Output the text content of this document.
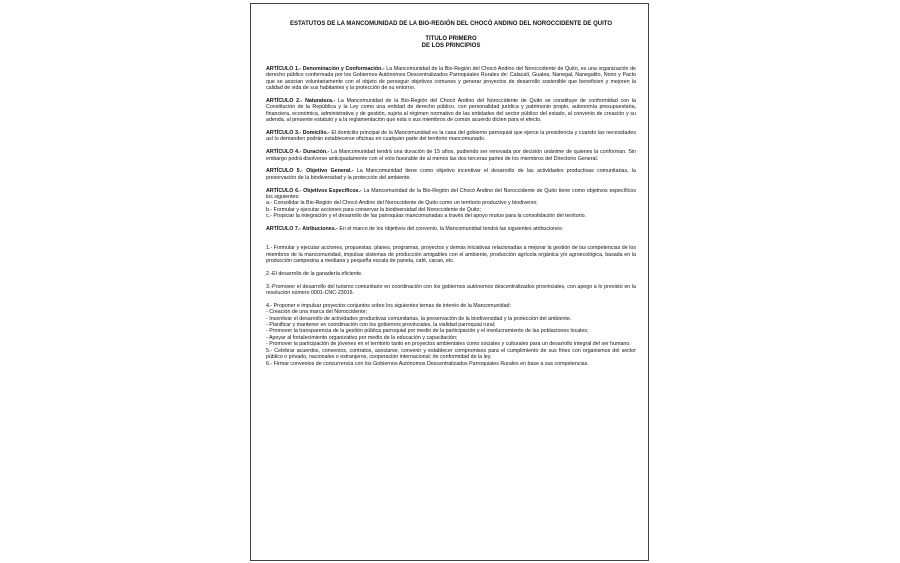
ESTATUTOS DE LA MANCOMUNIDAD DE LA BIO-REGIÓN DEL CHOCÓ ANDINO DEL NOROCCIDENTE DE QUITO
TITULO PRIMERO
DE LOS PRINCIPIOS
ARTÍCULO 1.- Denominación y Conformación.- La Mancomunidad de la Bio-Región del Chocó Andino del Noroccidente de Quito, es una organización de derecho público conformada por los Gobiernos Autónomos Descentralizados Parroquiales Rurales de: Calacalí, Gualea, Nanegal, Nanegalito, Nono y Pacto que se asocian voluntariamente con el objeto de perseguir objetivos comunes y generar proyectos de desarrollo sostenible que beneficien y mejoren la calidad de vida de sus habitantes y la protección de su entorno.
ARTÍCULO 2.- Naturaleza.- La Mancomunidad de la Bio-Región del Chocó Andino del Noroccidente de Quito se constituye de conformidad con la Constitución de la República y la Ley como una entidad de derecho público, con personalidad jurídica y patrimonio propio, autonomía presupuestaria, financiera, económica, administrativa y de gestión, sujeta al régimen normativo de las entidades del sector público del estado, al convenio de creación y su adenda, al presente estatuto y a la reglamentación que esta o sus miembros de común acuerdo dicten para el efecto.
ARTÍCULO 3.- Domicilio.- El domicilio principal de la Mancomunidad es la casa del gobierno parroquial que ejerce la presidencia y cuando las necesidades así lo demanden podrán establecerse oficinas en cualquier parte del territorio mancomunado.
ARTÍCULO 4.- Duración.- La Mancomunidad tendrá una duración de 15 años, pudiendo ser renovada por decisión unánime de quienes la conforman. Sin embargo podrá disolverse anticipadamente con el voto favorable de al menos las dos terceras partes de los miembros del Directorio General.
ARTÍCULO 5.- Objetivo General.- La Mancomunidad tiene como objetivo incentivar el desarrollo de las actividades productivas comunitarias, la preservación de la biodiversidad y la protección del ambiente.
ARTÍCULO 6.- Objetivos Específicos.- La Mancomunidad de la Bio-Región del Chocó Andino del Noroccidente de Quito tiene como objetivos específicos los siguientes:
a.- Consolidar la Bio-Región del Chocó Andino del Noroccidente de Quito como un territorio productivo y biodiverso;
b.- Formular y ejecutar acciones para conservar la biodiversidad del Noroccidente de Quito;
c.- Propiciar la integración y el desarrollo de las parroquias mancomunadas a través del apoyo mutuo para la consolidación del territorio.
ARTÍCULO 7.- Atribuciones.- En el marco de los objetivos del convenio, la Mancomunidad tendrá las siguientes atribuciones:
1.- Formular y ejecutar acciones, propuestas, planes, programas, proyectos y demás iniciativas relacionadas a mejorar la gestión de las competencias de los miembros de la mancomunidad, impulsar sistemas de producción amigables con el ambiente, producción agrícola orgánica y/o agroecológica, basada en la producción campesina a mediana y pequeña escala de panela, café, cacao, etc.
2.-El desarrollo de la ganadería eficiente.
3.-Promover el desarrollo del turismo comunitario en coordinación con los gobiernos autónomos descentralizados provinciales, con apego a lo previsto en la resolución número 0001-CNC-23016.
4.- Proponer e impulsar proyectos conjuntos sobre los siguientes temas de interés de la Mancomunidad:
- Creación de una marca del Noroccidente;
- Incentivar el desarrollo de actividades productivas comunitarias, la preservación de la biodiversidad y la protección del ambiente.
- Planificar y mantener en coordinación con los gobiernos provinciales, la vialidad parroquial rural;
- Promover la transparencia de la gestión pública parroquial por medio de la participación y el involucramiento de las poblaciones locales;
- Apoyar al fortalecimiento organizativo por medio de la educación y capacitación;
- Promover la participación de jóvenes en el territorio tanto en proyectos ambientales como sociales y culturales para un desarrollo integral del ser humano.
5.- Celebrar acuerdos, convenios, contratos, asociarse, convenir y establecer compromisos para el cumplimiento de sus fines con organismos del sector público o privado, nacionales o extranjeros, cooperación internacional; de conformidad de la ley.
6.- Firmar convenios de concurrencia con los Gobiernos Autónomos Descentralizados Parroquiales Rurales en base a sus competencias.
